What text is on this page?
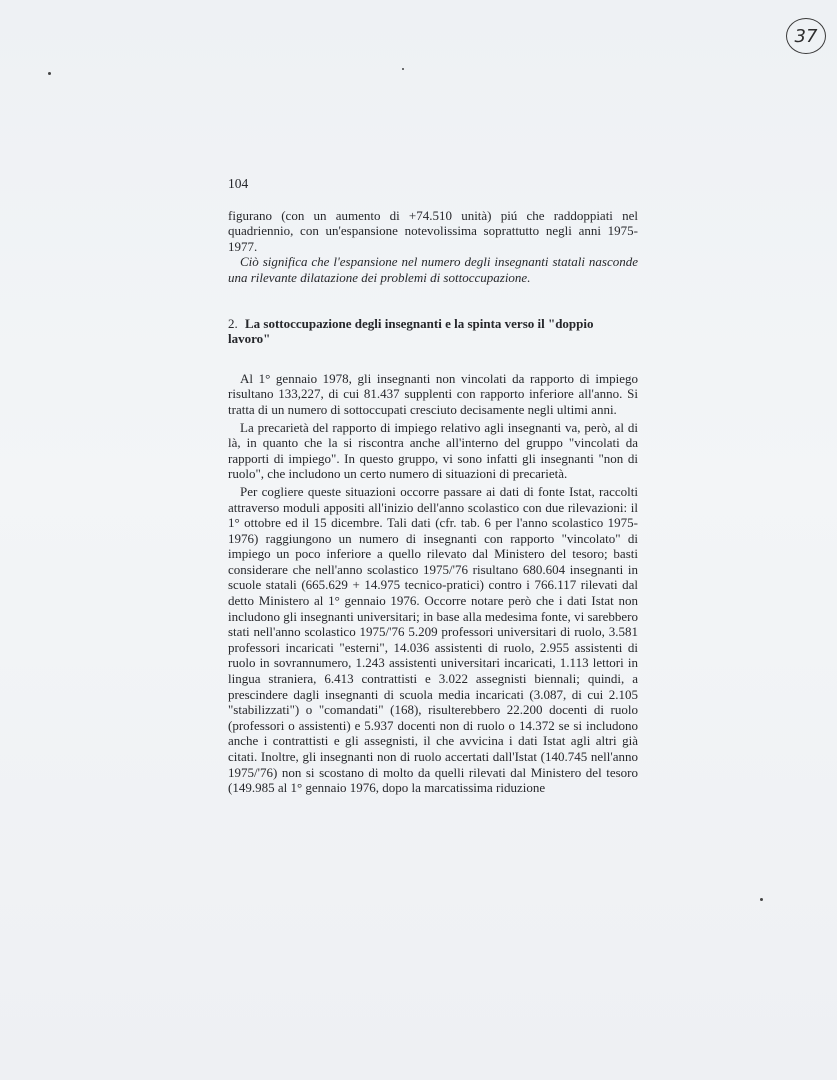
37
104

figurano (con un aumento di +74.510 unità) piú che raddoppiati nel quadriennio, con un'espansione notevolissima soprattutto negli anni 1975-1977.

Ciò significa che l'espansione nel numero degli insegnanti statali nasconde una rilevante dilatazione dei problemi di sottoccupazione.

2. La sottoccupazione degli insegnanti e la spinta verso il "doppio lavoro"

Al 1° gennaio 1978, gli insegnanti non vincolati da rapporto di impiego risultano 133,227, di cui 81.437 supplenti con rapporto inferiore all'anno. Si tratta di un numero di sottoccupati cresciuto decisamente negli ultimi anni.

La precarietà del rapporto di impiego relativo agli insegnanti va, però, al di là, in quanto che la si riscontra anche all'interno del gruppo "vincolati da rapporti di impiego". In questo gruppo, vi sono infatti gli insegnanti "non di ruolo", che includono un certo numero di situazioni di precarietà.

Per cogliere queste situazioni occorre passare ai dati di fonte Istat, raccolti attraverso moduli appositi all'inizio dell'anno scolastico con due rilevazioni: il 1° ottobre ed il 15 dicembre. Tali dati (cfr. tab. 6 per l'anno scolastico 1975-1976) raggiungono un numero di insegnanti con rapporto "vincolato" di impiego un poco inferiore a quello rilevato dal Ministero del tesoro; basti considerare che nell'anno scolastico 1975/'76 risultano 680.604 insegnanti in scuole statali (665.629 + 14.975 tecnico-pratici) contro i 766.117 rilevati dal detto Ministero al 1° gennaio 1976. Occorre notare però che i dati Istat non includono gli insegnanti universitari; in base alla medesima fonte, vi sarebbero stati nell'anno scolastico 1975/'76 5.209 professori universitari di ruolo, 3.581 professori incaricati "esterni", 14.036 assistenti di ruolo, 2.955 assistenti di ruolo in sovrannumero, 1.243 assistenti universitari incaricati, 1.113 lettori in lingua straniera, 6.413 contrattisti e 3.022 assegnisti biennali; quindi, a prescindere dagli insegnanti di scuola media incaricati (3.087, di cui 2.105 "stabilizzati") o "comandati" (168), risulterebbero 22.200 docenti di ruolo (professori o assistenti) e 5.937 docenti non di ruolo o 14.372 se si includono anche i contrattisti e gli assegnisti, il che avvicina i dati Istat agli altri già citati. Inoltre, gli insegnanti non di ruolo accertati dall'Istat (140.745 nell'anno 1975/'76) non si scostano di molto da quelli rilevati dal Ministero del tesoro (149.985 al 1° gennaio 1976, dopo la marcatissima riduzione
